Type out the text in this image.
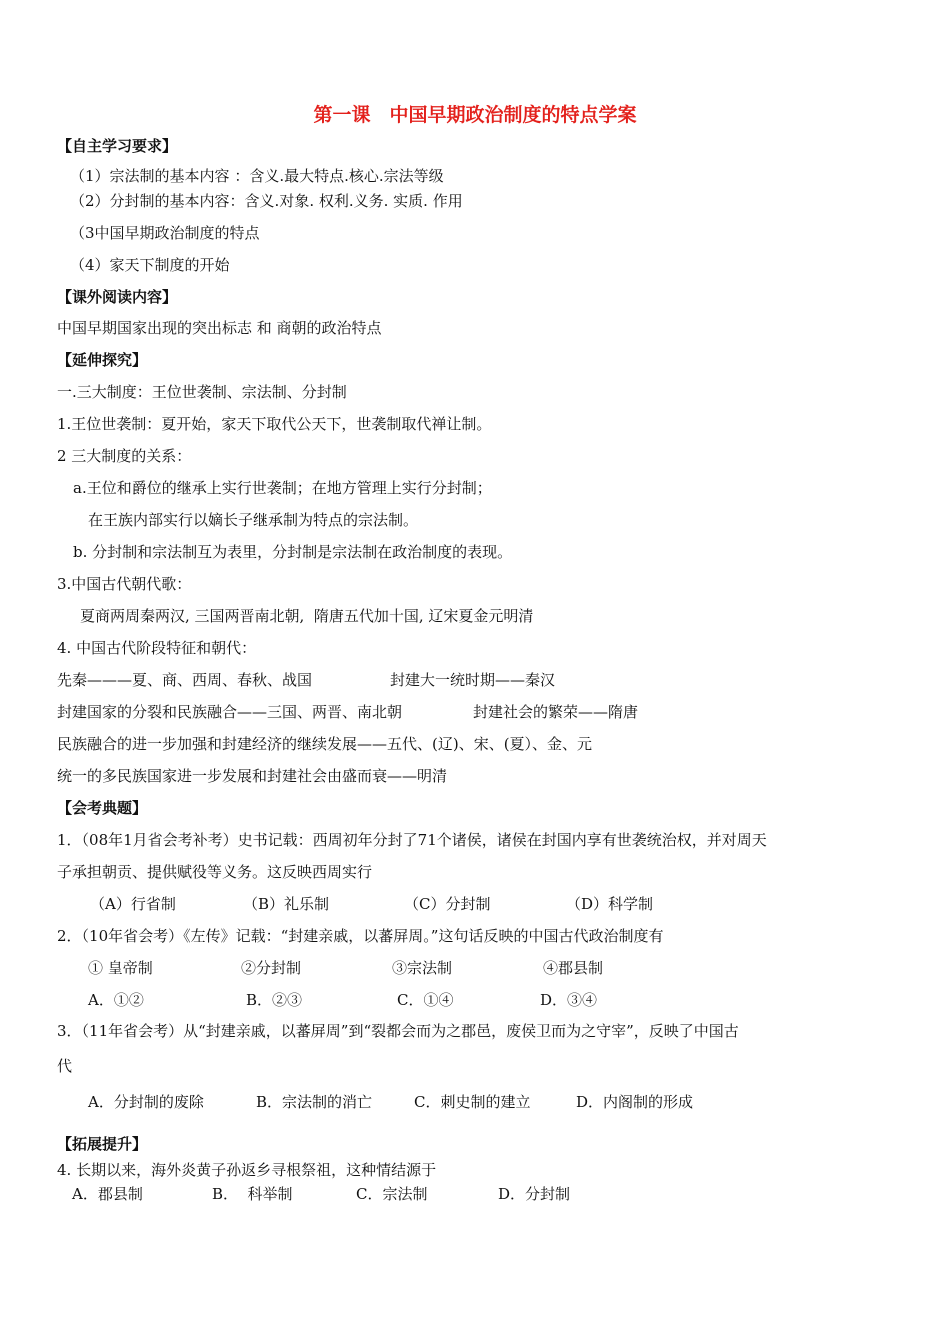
第一课　中国早期政治制度的特点学案
【自主学习要求】
（1）宗法制的基本内容 ：含义.最大特点.核心.宗法等级
（2）分封制的基本内容：含义.对象. 权利.义务. 实质. 作用
（3中国早期政治制度的特点
（4）家天下制度的开始
【课外阅读内容】
中国早期国家出现的突出标志 和 商朝的政治特点
【延伸探究】
一.三大制度：王位世袭制、宗法制、分封制
1.王位世袭制：夏开始，家天下取代公天下，世袭制取代禅让制。
2 三大制度的关系：
a.王位和爵位的继承上实行世袭制；在地方管理上实行分封制；
在王族内部实行以嫡长子继承制为特点的宗法制。
b. 分封制和宗法制互为表里，分封制是宗法制在政治制度的表现。
3.中国古代朝代歌：
夏商两周秦两汉, 三国两晋南北朝,  隋唐五代加十国, 辽宋夏金元明清
4. 中国古代阶段特征和朝代：
先秦———夏、商、西周、春秋、战国	封建大一统时期——秦汉
封建国家的分裂和民族融合——三国、两晋、南北朝	封建社会的繁荣——隋唐
民族融合的进一步加强和封建经济的继续发展——五代、(辽)、宋、(夏）、金、元
统一的多民族国家进一步发展和封建社会由盛而衰——明清
【会考典题】
1．（08年1月省会考补考）史书记载：西周初年分封了71个诸侯，诸侯在封国内享有世袭统治权，并对周天
子承担朝贡、提供赋役等义务。这反映西周实行
（A）行省制	（B）礼乐制	（C）分封制	（D）科学制
2．（10年省会考）《左传》记载：“封建亲戚，以蕃屏周。”这句话反映的中国古代政治制度有
① 皇帝制	②分封制	③宗法制	④郡县制
A．①②	B．②③	C．①④	D．③④
3．（11年省会考）从“封建亲戚，以蕃屏周”到“裂都会而为之郡邑，废侯卫而为之守宰”，反映了中国古
代
A．分封制的废除	B．宗法制的消亡	C．刺史制的建立	D．内阁制的形成
【拓展提升】
4. 长期以来，海外炎黄子孙返乡寻根祭祖，这种情结源于
A．郡县制	B．  科举制	C．宗法制	D．分封制
